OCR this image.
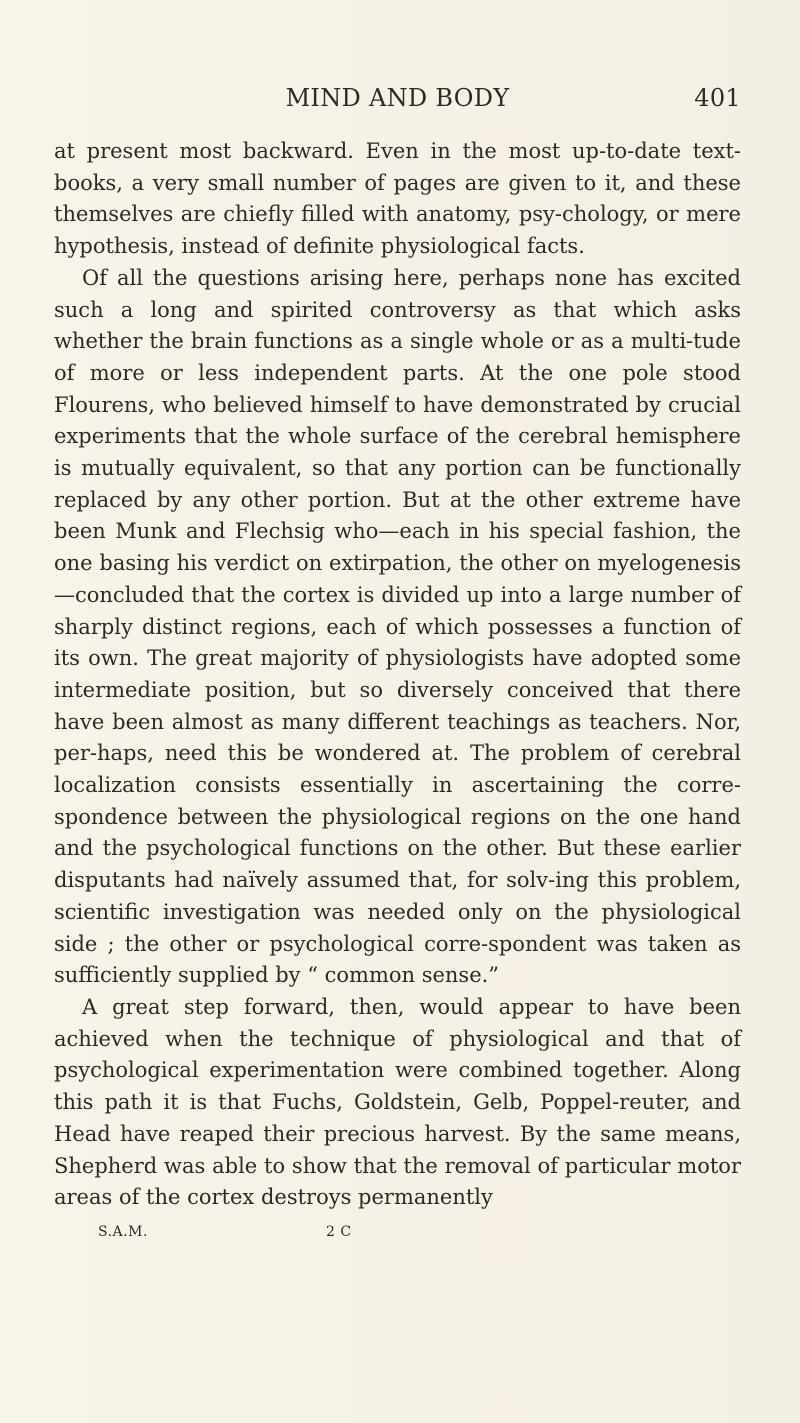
MIND AND BODY	401

at present most backward. Even in the most up-to-date text-books, a very small number of pages are given to it, and these themselves are chiefly filled with anatomy, psy-chology, or mere hypothesis, instead of definite physiological facts.

Of all the questions arising here, perhaps none has excited such a long and spirited controversy as that which asks whether the brain functions as a single whole or as a multi-tude of more or less independent parts. At the one pole stood Flourens, who believed himself to have demonstrated by crucial experiments that the whole surface of the cerebral hemisphere is mutually equivalent, so that any portion can be functionally replaced by any other portion. But at the other extreme have been Munk and Flechsig who—each in his special fashion, the one basing his verdict on extirpation, the other on myelogenesis—concluded that the cortex is divided up into a large number of sharply distinct regions, each of which possesses a function of its own. The great majority of physiologists have adopted some intermediate position, but so diversely conceived that there have been almost as many different teachings as teachers. Nor, per-haps, need this be wondered at. The problem of cerebral localization consists essentially in ascertaining the corre-spondence between the physiological regions on the one hand and the psychological functions on the other. But these earlier disputants had naïvely assumed that, for solv-ing this problem, scientific investigation was needed only on the physiological side ; the other or psychological corre-spondent was taken as sufficiently supplied by “ common sense.”

A great step forward, then, would appear to have been achieved when the technique of physiological and that of psychological experimentation were combined together. Along this path it is that Fuchs, Goldstein, Gelb, Poppel-reuter, and Head have reaped their precious harvest. By the same means, Shepherd was able to show that the removal of particular motor areas of the cortex destroys permanently

S.A.M.	2 C
